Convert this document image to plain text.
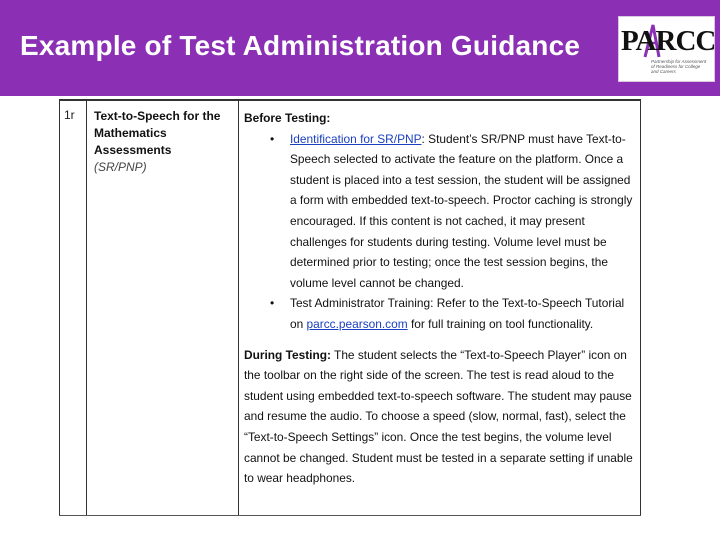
Example of Test Administration Guidance PARCC
Partnership for Assessment of Readiness for College and Careers
1r Text-to-Speech for the Mathematics Assessments
(SR/PNP)
Before Testing:
• Identification for SR/PNP: Student’s SR/PNP must have Text-to-Speech selected to activate the feature on the platform. Once a student is placed into a test session, the student will be assigned a form with embedded text-to-speech. Proctor caching is strongly encouraged. If this content is not cached, it may present challenges for students during testing. Volume level must be determined prior to testing; once the test session begins, the volume level cannot be changed.
• Test Administrator Training: Refer to the Text-to-Speech Tutorial on parcc.pearson.com for full training on tool functionality.
During Testing: The student selects the “Text-to-Speech Player” icon on the toolbar on the right side of the screen. The test is read aloud to the student using embedded text-to-speech software. The student may pause and resume the audio. To choose a speed (slow, normal, fast), select the “Text-to-Speech Settings” icon. Once the test begins, the volume level cannot be changed. Student must be tested in a separate setting if unable to wear headphones.
